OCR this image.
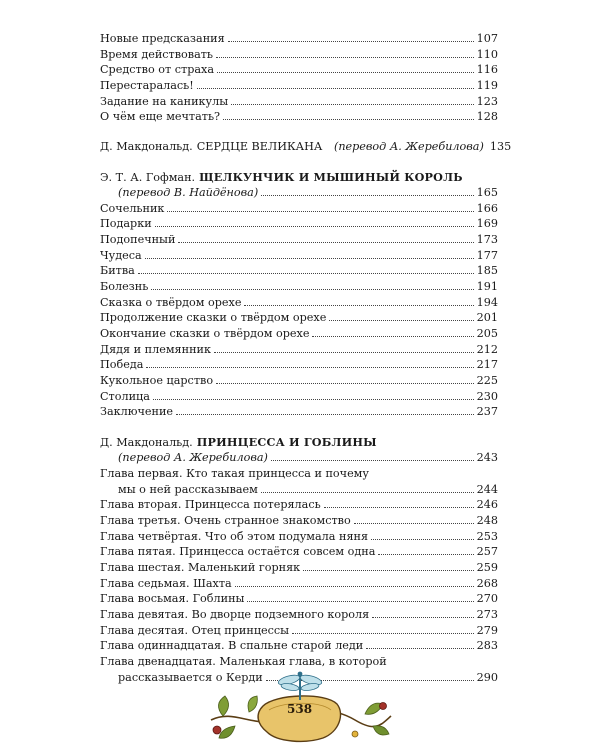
Новые предсказания	107
Время действовать	110
Средство от страха	116
Перестаралась!	119
Задание на каникулы	123
О чём еще мечтать?	128
Д. Макдональд. СЕРДЦЕ ВЕЛИКАНА (перевод А. Жеребилова) 135
Э. Т. А. Гофман. ЩЕЛКУНЧИК И МЫШИНЫЙ КОРОЛЬ
(перевод В. Найдёнова)	165
Сочельник	166
Подарки	169
Подопечный	173
Чудеса	177
Битва	185
Болезнь	191
Сказка о твёрдом орехе	194
Продолжение сказки о твёрдом орехе	201
Окончание сказки о твёрдом орехе	205
Дядя и племянник	212
Победа	217
Кукольное царство	225
Столица	230
Заключение	237
Д. Макдональд. ПРИНЦЕССА И ГОБЛИНЫ
(перевод А. Жеребилова)	243
Глава первая. Кто такая принцесса и почему
мы о ней рассказываем	244
Глава вторая. Принцесса потерялась	246
Глава третья. Очень странное знакомство	248
Глава четвёртая. Что об этом подумала няня	253
Глава пятая. Принцесса остаётся совсем одна	257
Глава шестая. Маленький горняк	259
Глава седьмая. Шахта	268
Глава восьмая. Гоблины	270
Глава девятая. Во дворце подземного короля	273
Глава десятая. Отец принцессы	279
Глава одиннадцатая. В спальне старой леди	283
Глава двенадцатая. Маленькая глава, в которой
рассказывается о Керди	290
538
